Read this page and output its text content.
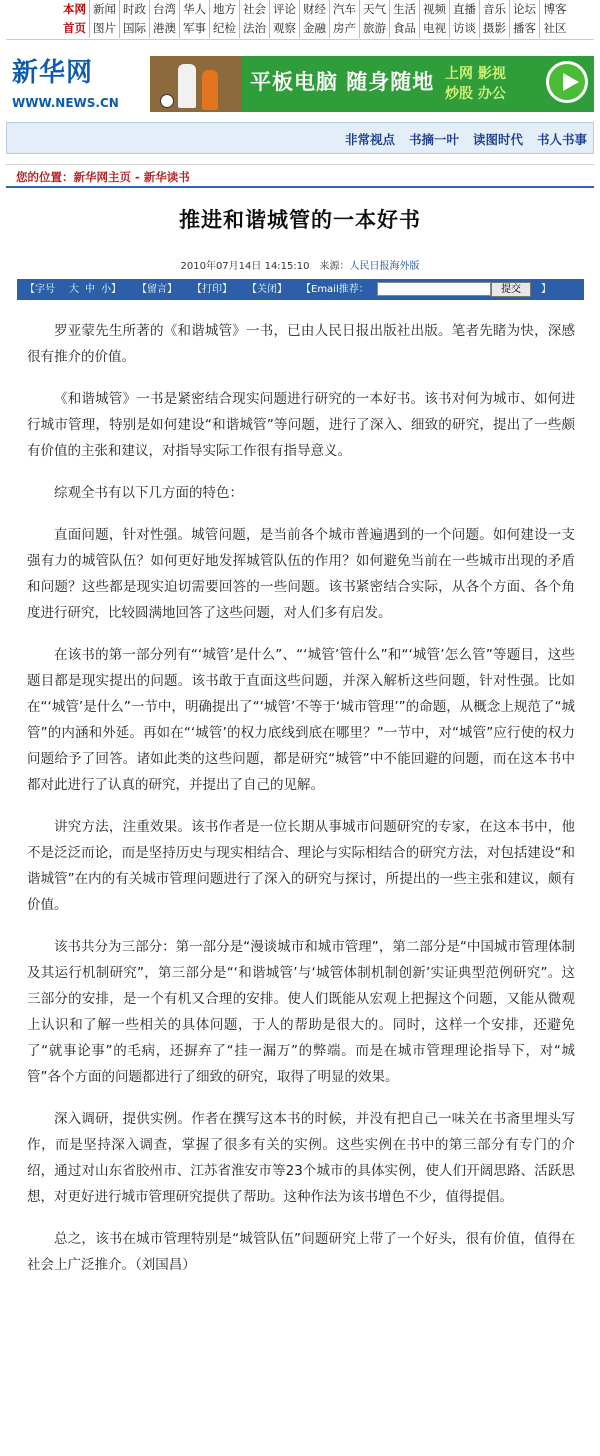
本网 新闻 时政 台湾 华人 地方 社会 评论 财经 汽车 天气 生活 视频 直播 音乐 论坛 博客
首页 图片 国际 港澳 军事 纪检 法治 观察 金融 房产 旅游 食品 电视 访谈 摄影 播客 社区
新华网
WWW.NEWS.CN
平板电脑 随身随地 上网 影视
炒股 办公
非常视点 书摘一叶 读图时代 书人书事
您的位置：新华网主页 - 新华读书
推进和谐城管的一本好书
2010年07月14日 14:15:10 来源：人民日报海外版
【字号 大 中 小】 【留言】 【打印】 【关闭】 【Email推荐：	提交	】

罗亚蒙先生所著的《和谐城管》一书，已由人民日报出版社出版。笔者先睹为快，深感很有推介的价值。

《和谐城管》一书是紧密结合现实问题进行研究的一本好书。该书对何为城市、如何进行城市管理，特别是如何建设“和谐城管”等问题，进行了深入、细致的研究，提出了一些颇有价值的主张和建议，对指导实际工作很有指导意义。

综观全书有以下几方面的特色：

直面问题，针对性强。城管问题，是当前各个城市普遍遇到的一个问题。如何建设一支强有力的城管队伍？如何更好地发挥城管队伍的作用？如何避免当前在一些城市出现的矛盾和问题？这些都是现实迫切需要回答的一些问题。该书紧密结合实际，从各个方面、各个角度进行研究，比较圆满地回答了这些问题，对人们多有启发。

在该书的第一部分列有“‘城管’是什么”、“‘城管’管什么”和“‘城管’怎么管”等题目，这些题目都是现实提出的问题。该书敢于直面这些问题，并深入解析这些问题，针对性强。比如在“‘城管’是什么”一节中，明确提出了“‘城管’不等于‘城市管理’”的命题，从概念上规范了“城管”的内涵和外延。再如在“‘城管’的权力底线到底在哪里？”一节中，对“城管”应行使的权力问题给予了回答。诸如此类的这些问题，都是研究“城管”中不能回避的问题，而在这本书中都对此进行了认真的研究，并提出了自己的见解。

讲究方法，注重效果。该书作者是一位长期从事城市问题研究的专家，在这本书中，他不是泛泛而论，而是坚持历史与现实相结合、理论与实际相结合的研究方法，对包括建设“和谐城管”在内的有关城市管理问题进行了深入的研究与探讨，所提出的一些主张和建议，颇有价值。

该书共分为三部分：第一部分是“漫谈城市和城市管理”，第二部分是“中国城市管理体制及其运行机制研究”，第三部分是“‘和谐城管’与‘城管体制机制创新’实证典型范例研究”。这三部分的安排，是一个有机又合理的安排。使人们既能从宏观上把握这个问题，又能从微观上认识和了解一些相关的具体问题，于人的帮助是很大的。同时，这样一个安排，还避免了“就事论事”的毛病，还摒弃了“挂一漏万”的弊端。而是在城市管理理论指导下，对“城管”各个方面的问题都进行了细致的研究，取得了明显的效果。

深入调研，提供实例。作者在撰写这本书的时候，并没有把自己一味关在书斋里埋头写作，而是坚持深入调查，掌握了很多有关的实例。这些实例在书中的第三部分有专门的介绍，通过对山东省胶州市、江苏省淮安市等23个城市的具体实例，使人们开阔思路、活跃思想，对更好进行城市管理研究提供了帮助。这种作法为该书增色不少，值得提倡。

总之，该书在城市管理特别是“城管队伍”问题研究上带了一个好头，很有价值，值得在社会上广泛推介。（刘国昌）
